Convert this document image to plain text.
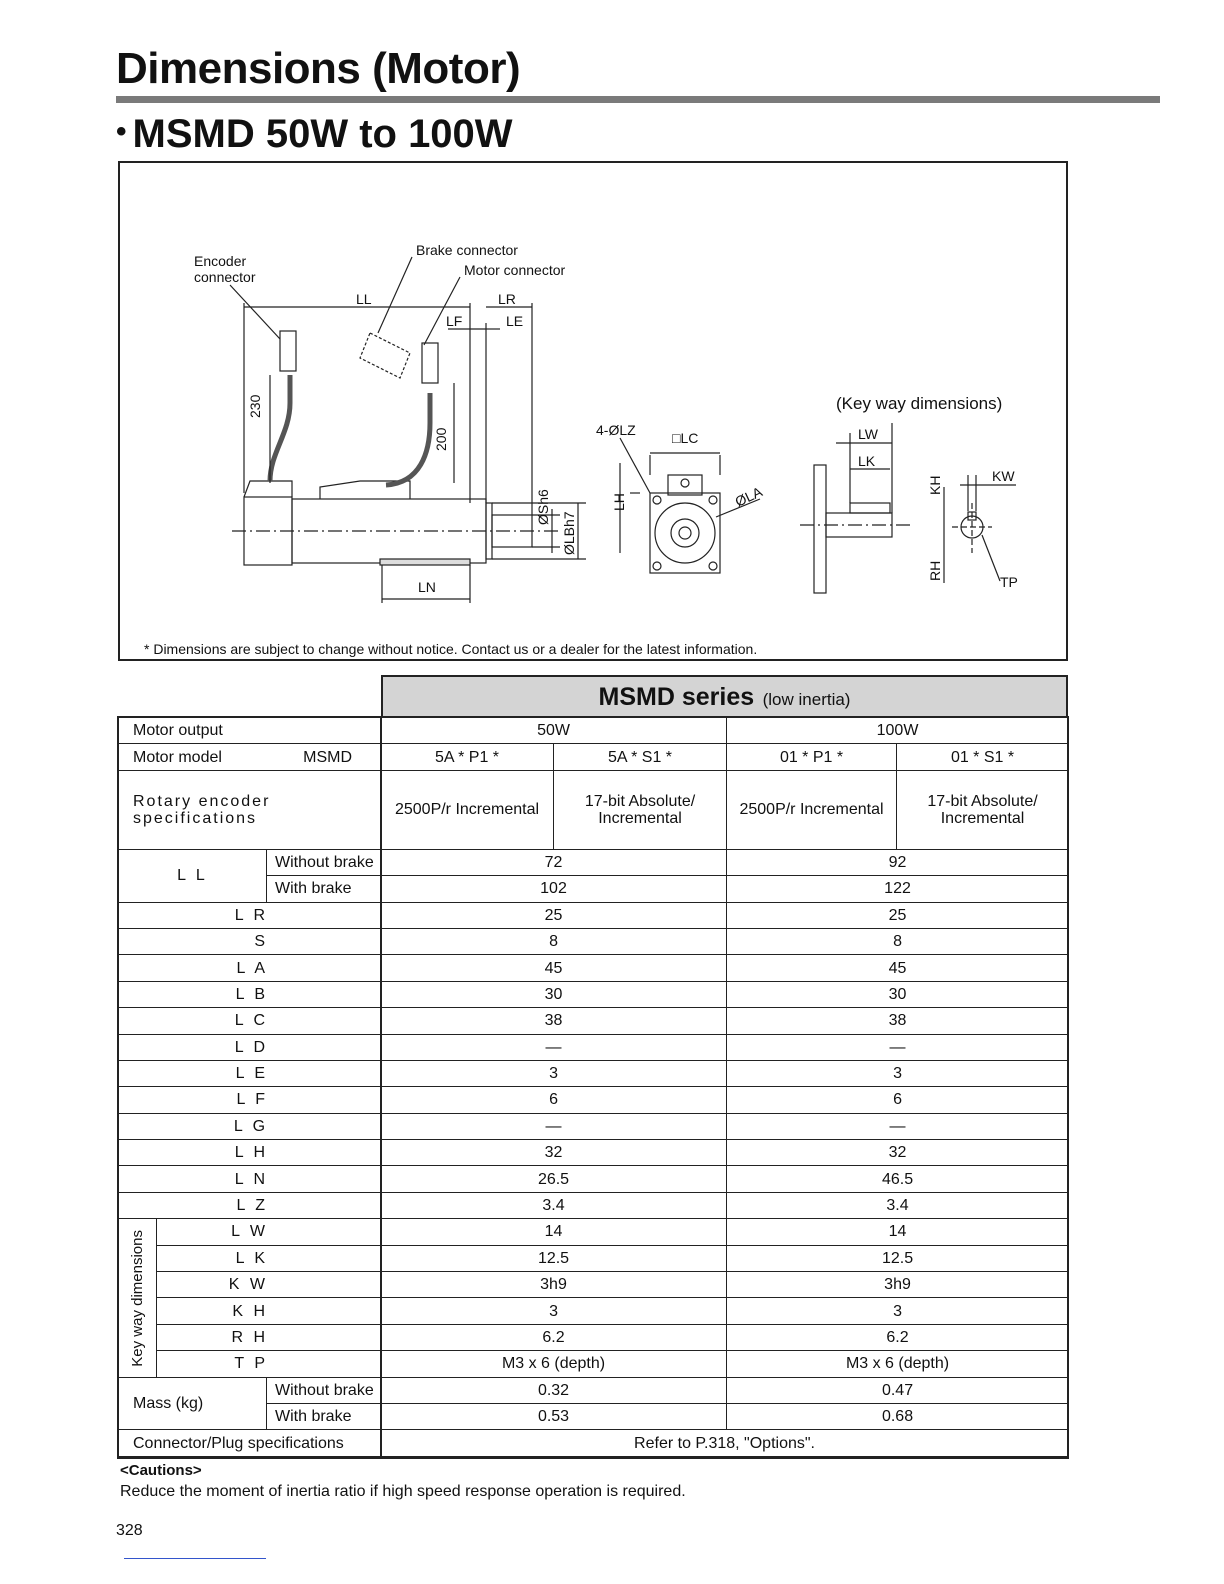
Dimensions (Motor)
• MSMD 50W to 100W
Brake connector
Motor connector
Encoder
connector
LL	LR
LF	LE
230
200
ØSh6
ØLBh7
LN
4-ØLZ	□LC
LH	ØLA
(Key way dimensions)
LW
LK
KH	KW
RH
TP
* Dimensions are subject to change without notice. Contact us or a dealer for the latest information.
MSMD series (low inertia)
Motor output			50W		100W	
Motor model MSMD			5A * P1 *	5A * S1 *	01 * P1 *	01 * S1 *
Rotary encoder specifications			2500P/r Incremental	17-bit Absolute/ Incremental	2500P/r Incremental	17-bit Absolute/ Incremental
L L		Without brake	72		92	
		With brake	102		122	
L R			25		25	
S			8		8	
L A			45		45	
L B			30		30	
L C			38		38	
L D			—		—	
L E			3		3	
L F			6		6	
L G			—		—	
L H			32		32	
L N			26.5		46.5	
L Z			3.4		3.4	

Key way dimensions	L W		14		14	
	L K		12.5		12.5	
	K W		3h9		3h9	
	K H		3		3	
	R H		6.2		6.2	
	T P		M3 x 6 (depth)		M3 x 6 (depth)	
Mass (kg)		Without brake	0.32		0.47	
		With brake	0.53		0.68	
Connector/Plug specifications			Refer to P.318, "Options".			
<Cautions>
Reduce the moment of inertia ratio if high speed response operation is required.
328
